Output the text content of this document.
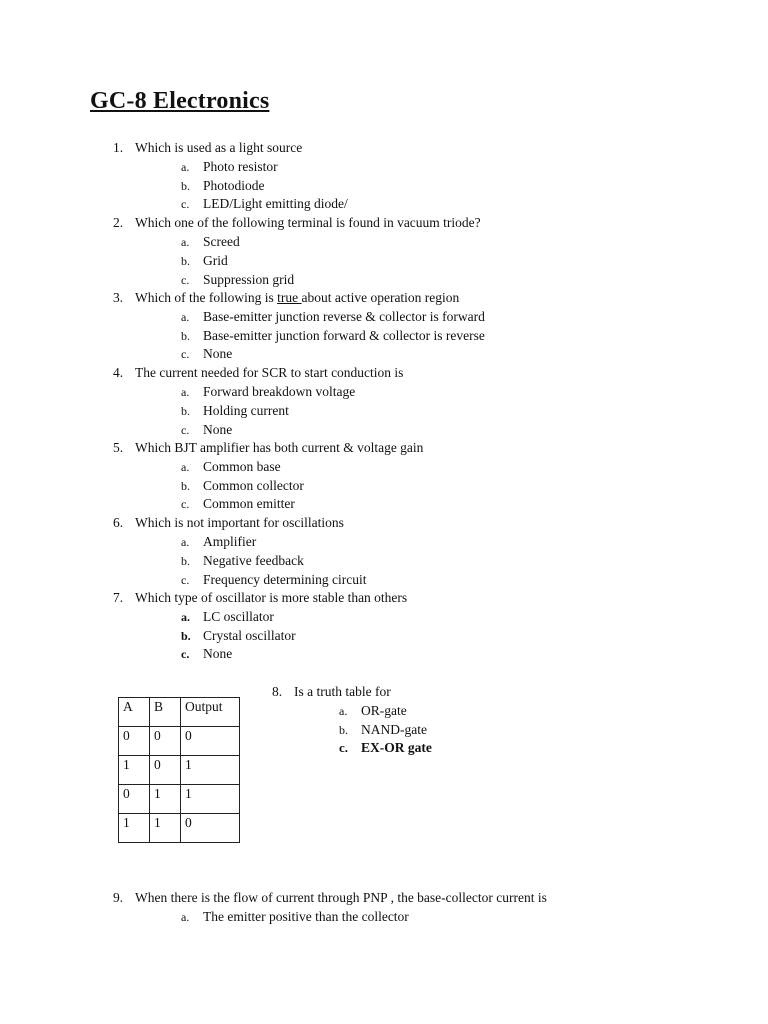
GC-8 Electronics
1. Which is used as a light source
a. Photo resistor
b. Photodiode
c. LED/Light emitting diode/
2. Which one of the following terminal is found in vacuum triode?
a. Screed
b. Grid
c. Suppression grid
3. Which of the following is true about active operation region
a. Base-emitter junction reverse & collector is forward
b. Base-emitter junction forward & collector is reverse
c. None
4. The current needed for SCR to start conduction is
a. Forward breakdown voltage
b. Holding current
c. None
5. Which BJT amplifier has both current & voltage gain
a. Common base
b. Common collector
c. Common emitter
6. Which is not important for oscillations
a. Amplifier
b. Negative feedback
c. Frequency determining circuit
7. Which type of oscillator is more stable than others
a. LC oscillator
b. Crystal oscillator
c. None
A	B	Output
0	0	0
1	0	1
0	1	1
1	1	0
8. Is a truth table for
a. OR-gate
b. NAND-gate
c. EX-OR gate
9. When there is the flow of current through PNP , the base-collector current is
a. The emitter positive than the collector
